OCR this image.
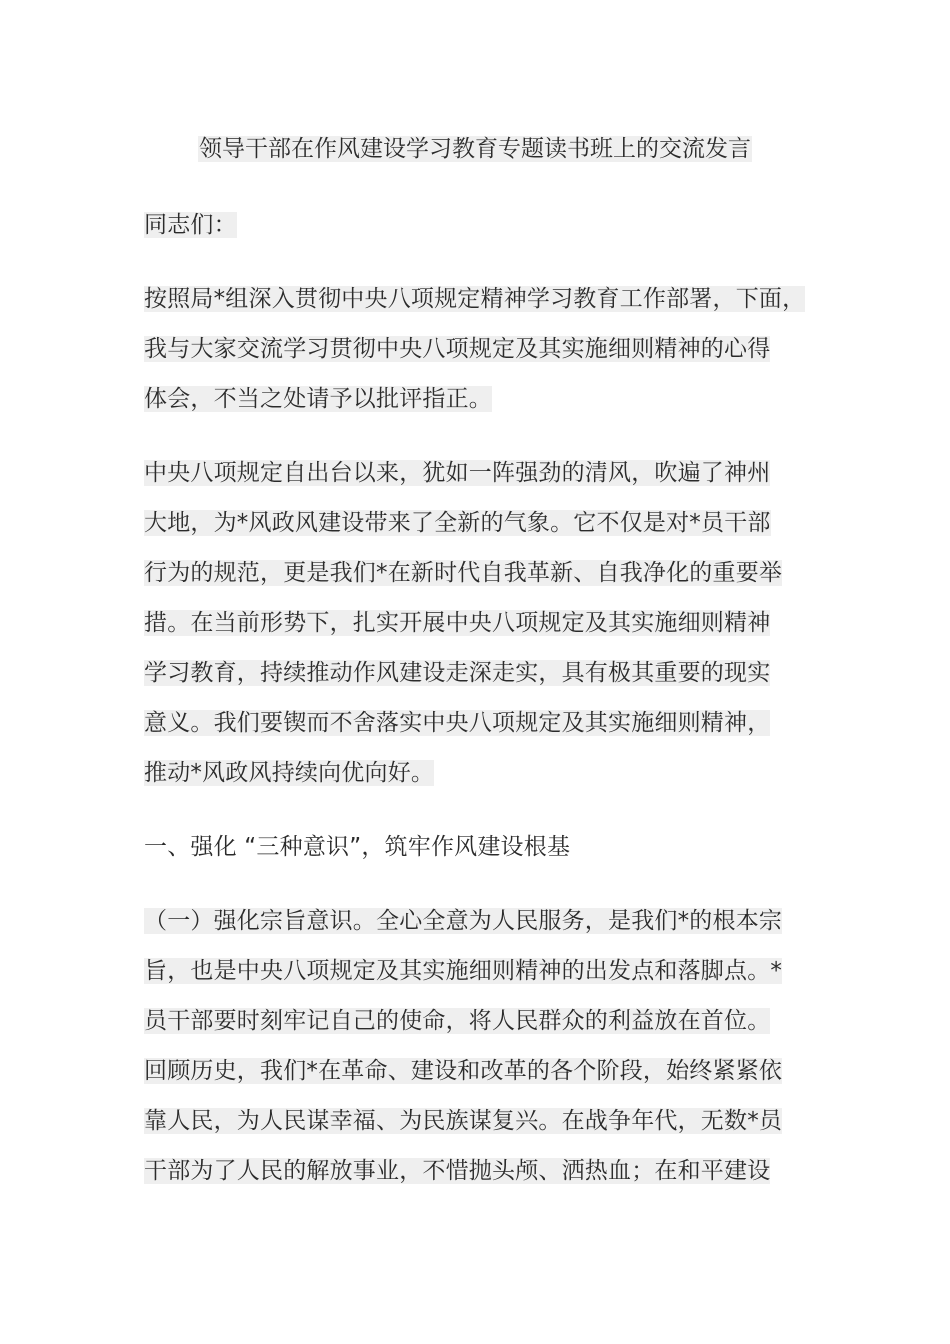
领导干部在作风建设学习教育专题读书班上的交流发言
同志们：
按照局*组深入贯彻中央八项规定精神学习教育工作部署，下面，
我与大家交流学习贯彻中央八项规定及其实施细则精神的心得
体会，不当之处请予以批评指正。
中央八项规定自出台以来，犹如一阵强劲的清风，吹遍了神州
大地，为*风政风建设带来了全新的气象。它不仅是对*员干部
行为的规范，更是我们*在新时代自我革新、自我净化的重要举
措。在当前形势下，扎实开展中央八项规定及其实施细则精神
学习教育，持续推动作风建设走深走实，具有极其重要的现实
意义。我们要锲而不舍落实中央八项规定及其实施细则精神，
推动*风政风持续向优向好。
一、强化 “三种意识”，筑牢作风建设根基
（一）强化宗旨意识。全心全意为人民服务，是我们*的根本宗
旨，也是中央八项规定及其实施细则精神的出发点和落脚点。*
员干部要时刻牢记自己的使命，将人民群众的利益放在首位。
回顾历史，我们*在革命、建设和改革的各个阶段，始终紧紧依
靠人民，为人民谋幸福、为民族谋复兴。在战争年代，无数*员
干部为了人民的解放事业，不惜抛头颅、洒热血；在和平建设
